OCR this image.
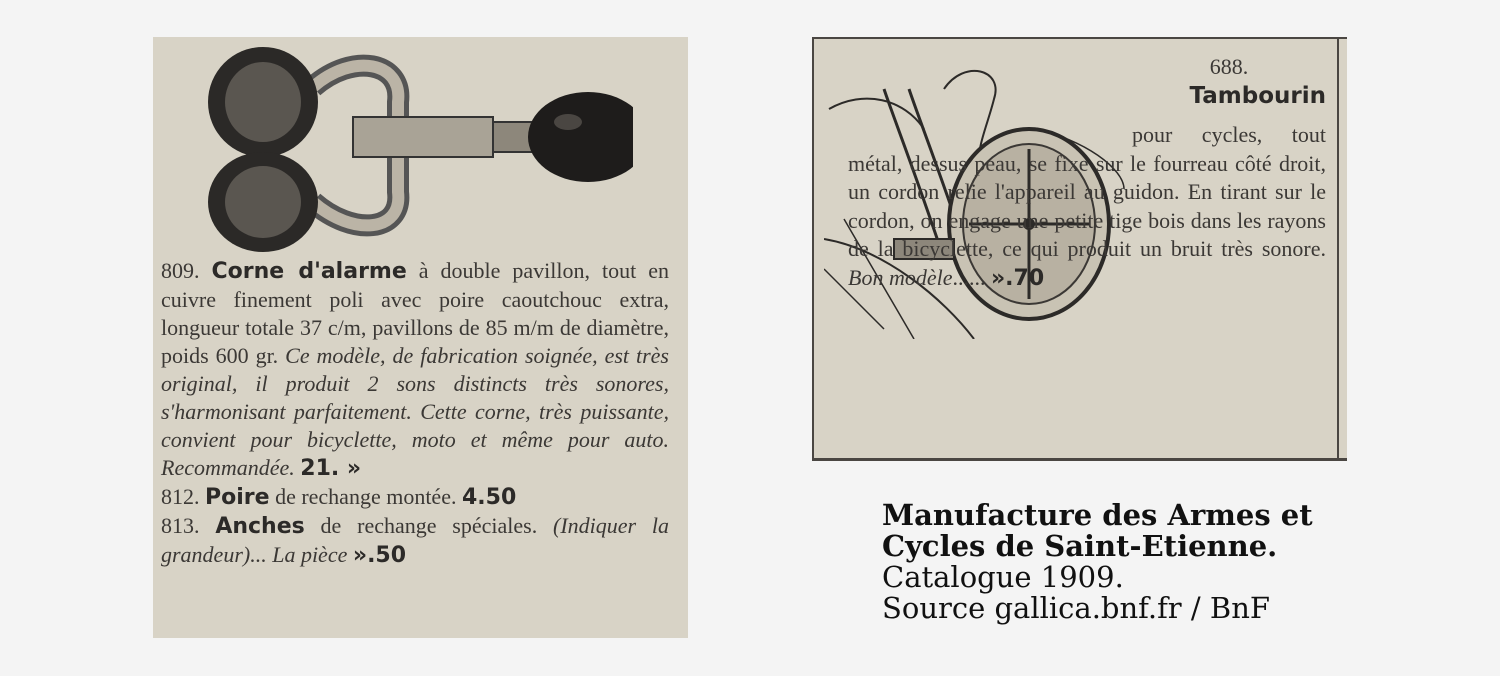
809. Corne d'alarme à double pavillon, tout en cuivre finement poli avec poire caoutchouc extra, longueur totale 37 c/m, pavillons de 85 m/m de diamètre, poids 600 gr. Ce modèle, de fabrication soignée, est très original, il produit 2 sons distincts très sonores, s'harmonisant parfaitement. Cette corne, très puissante, convient pour bicyclette, moto et même pour auto. Recommandée. 21. »

812. Poire de rechange montée. 4.50

813. Anches de rechange spéciales. (Indiquer la grandeur)... La pièce ».50

688.

Tambourin

pour cycles, tout métal, dessus peau, se fixe sur le fourreau côté droit, un cordon relie l'appareil au guidon. En tirant sur le cordon, on engage une petite tige bois dans les rayons de la bicyclette, ce qui produit un bruit très sonore. Bon modèle...... ».70

Manufacture des Armes et
Cycles de Saint-Etienne.
Catalogue 1909.
Source gallica.bnf.fr / BnF
